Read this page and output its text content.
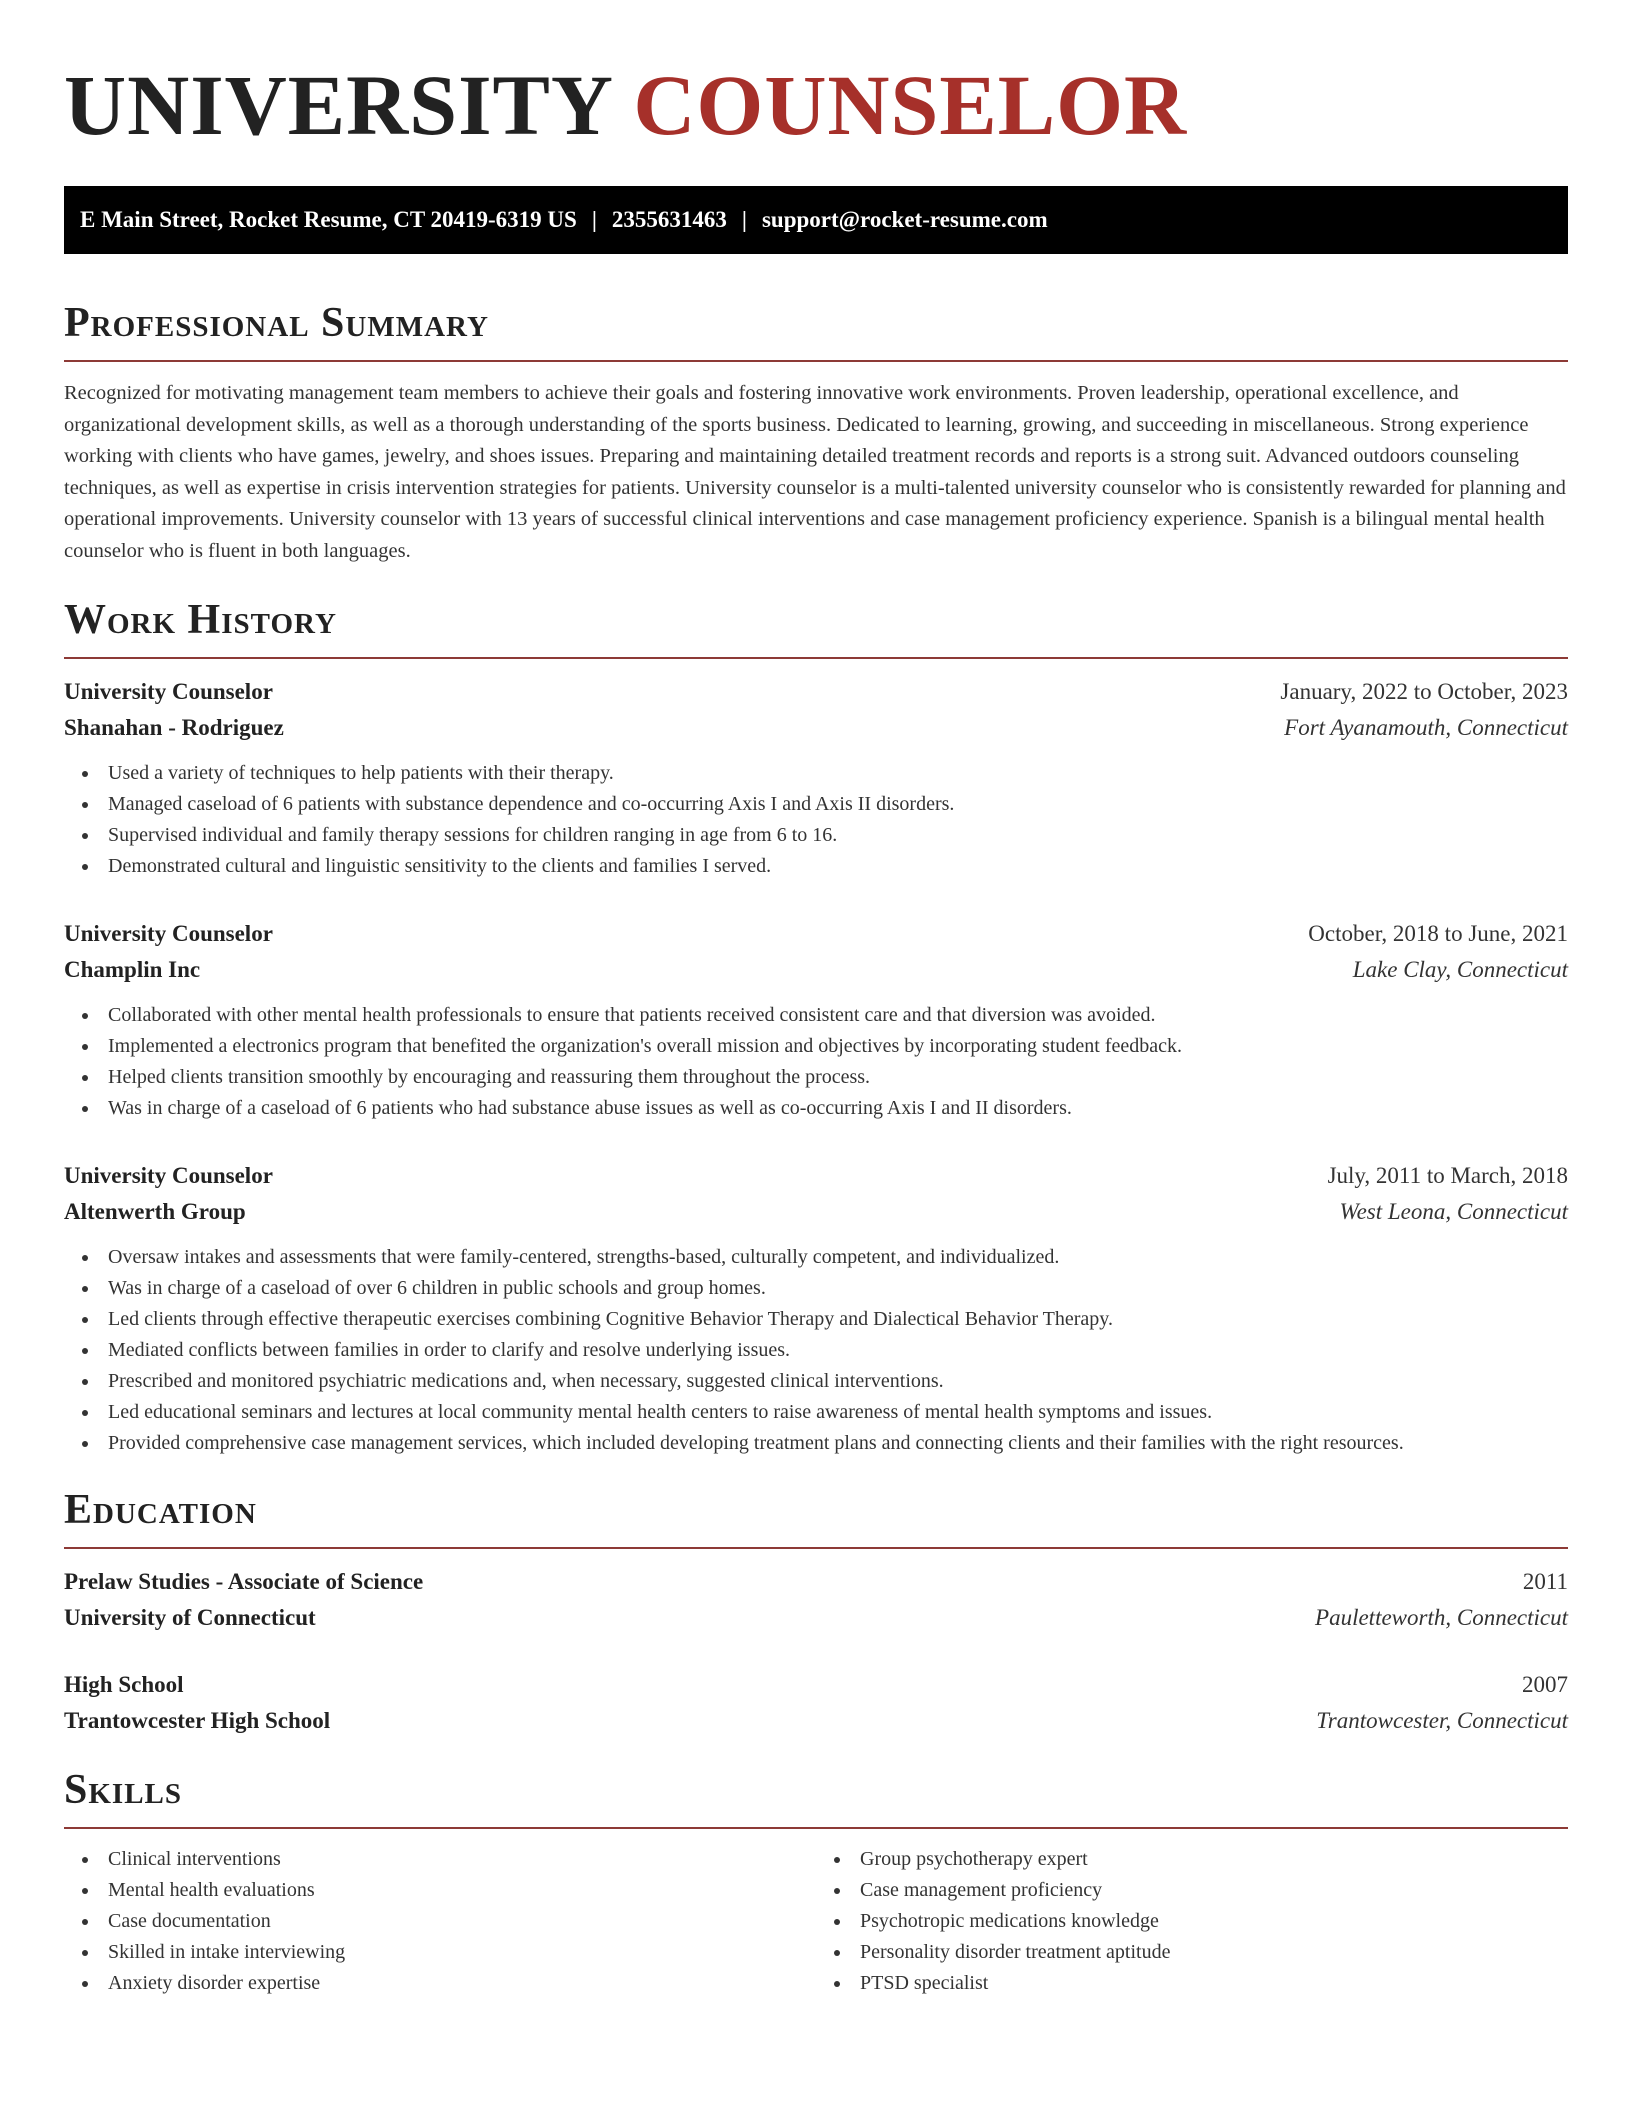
UNIVERSITY COUNSELOR
E Main Street, Rocket Resume, CT 20419-6319 US | 2355631463 | support@rocket-resume.com
Professional Summary

Recognized for motivating management team members to achieve their goals and fostering innovative work environments. Proven leadership, operational excellence, and organizational development skills, as well as a thorough understanding of the sports business. Dedicated to learning, growing, and succeeding in miscellaneous. Strong experience working with clients who have games, jewelry, and shoes issues. Preparing and maintaining detailed treatment records and reports is a strong suit. Advanced outdoors counseling techniques, as well as expertise in crisis intervention strategies for patients. University counselor is a multi-talented university counselor who is consistently rewarded for planning and operational improvements. University counselor with 13 years of successful clinical interventions and case management proficiency experience. Spanish is a bilingual mental health counselor who is fluent in both languages.

Work History
University Counselor	January, 2022 to October, 2023
Shanahan - Rodriguez	Fort Ayanamouth, Connecticut
Used a variety of techniques to help patients with their therapy.
Managed caseload of 6 patients with substance dependence and co-occurring Axis I and Axis II disorders.
Supervised individual and family therapy sessions for children ranging in age from 6 to 16.
Demonstrated cultural and linguistic sensitivity to the clients and families I served.
University Counselor	October, 2018 to June, 2021
Champlin Inc	Lake Clay, Connecticut
Collaborated with other mental health professionals to ensure that patients received consistent care and that diversion was avoided.
Implemented a electronics program that benefited the organization's overall mission and objectives by incorporating student feedback.
Helped clients transition smoothly by encouraging and reassuring them throughout the process.
Was in charge of a caseload of 6 patients who had substance abuse issues as well as co-occurring Axis I and II disorders.
University Counselor	July, 2011 to March, 2018
Altenwerth Group	West Leona, Connecticut
Oversaw intakes and assessments that were family-centered, strengths-based, culturally competent, and individualized.
Was in charge of a caseload of over 6 children in public schools and group homes.
Led clients through effective therapeutic exercises combining Cognitive Behavior Therapy and Dialectical Behavior Therapy.
Mediated conflicts between families in order to clarify and resolve underlying issues.
Prescribed and monitored psychiatric medications and, when necessary, suggested clinical interventions.
Led educational seminars and lectures at local community mental health centers to raise awareness of mental health symptoms and issues.
Provided comprehensive case management services, which included developing treatment plans and connecting clients and their families with the right resources.
Education
Prelaw Studies - Associate of Science	2011
University of Connecticut	Pauletteworth, Connecticut
High School	2007
Trantowcester High School	Trantowcester, Connecticut
Skills
Clinical interventions
Mental health evaluations
Case documentation
Skilled in intake interviewing
Anxiety disorder expertise
Group psychotherapy expert
Case management proficiency
Psychotropic medications knowledge
Personality disorder treatment aptitude
PTSD specialist
